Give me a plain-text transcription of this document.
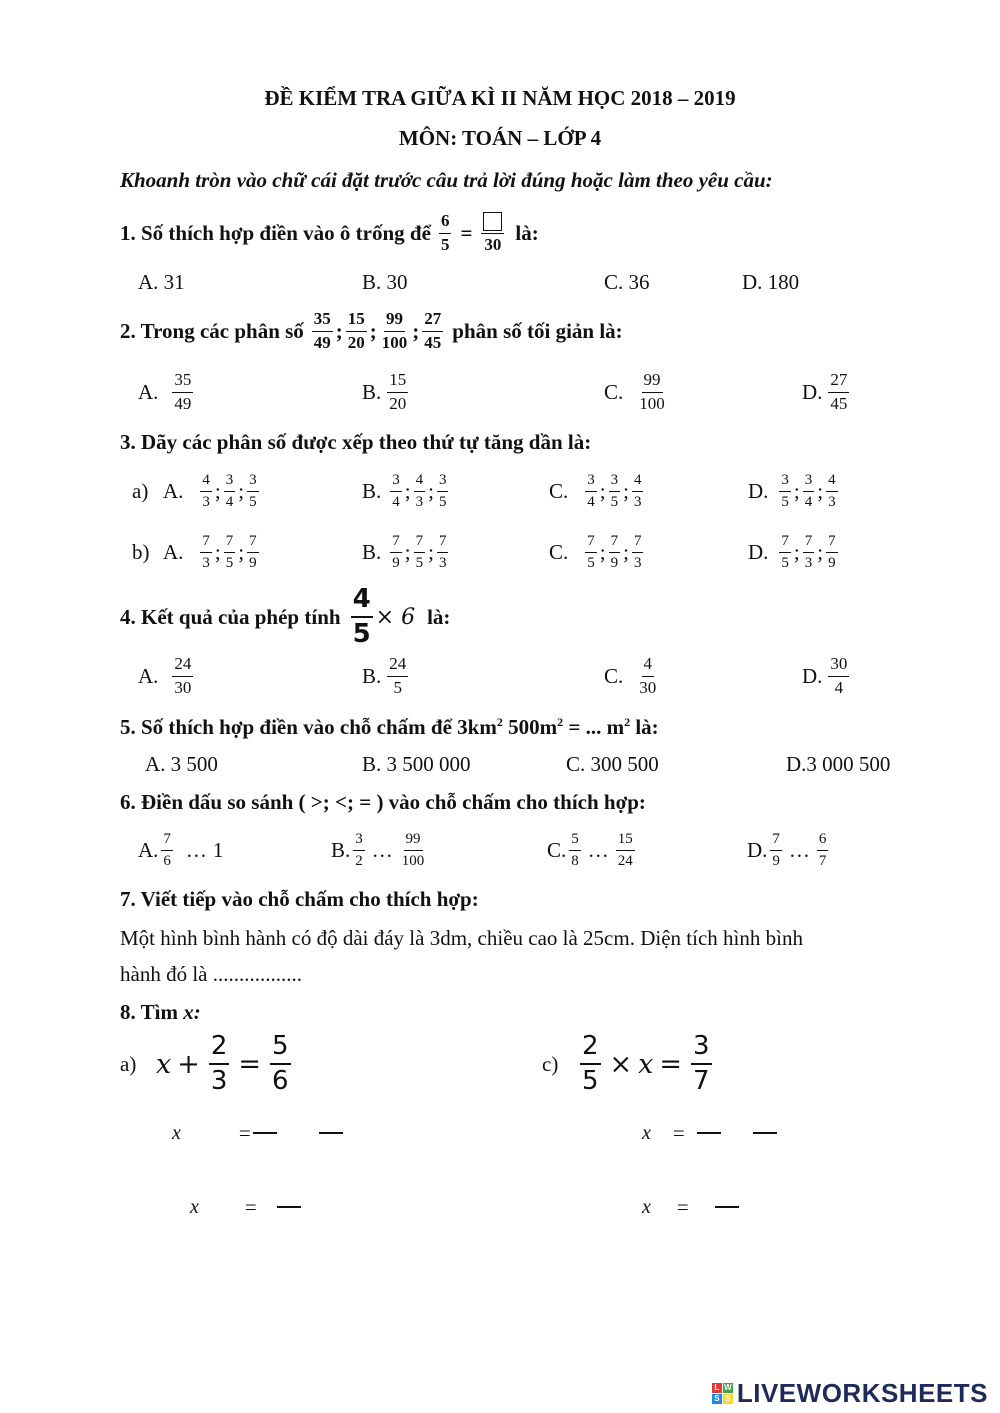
ĐỀ KIỂM TRA GIỮA KÌ II NĂM HỌC 2018 – 2019
MÔN: TOÁN – LỚP 4
Khoanh tròn vào chữ cái đặt trước câu trả lời đúng hoặc làm theo yêu cầu:
1. Số thích hợp điền vào ô trống để $\frac{6}{5} = 30$ là:
A. 31	B. 30	C. 36	D. 180
2. Trong các phân số $\frac{35}{49}$ ; $\frac{15}{20}$ ; $\frac{99}{100}$ ; $\frac{27}{45}$ phân số tối giản là:
A. $\frac{35}{49}$	B. $\frac{15}{20}$	C. $\frac{99}{100}$	D. $\frac{27}{45}$
3. Dãy các phân số được xếp theo thứ tự tăng dần là:
a) A. $\frac{4}{3}$ ; $\frac{3}{4}$ ; $\frac{3}{5}$	B. $\frac{3}{4}$ ; $\frac{4}{3}$ ; $\frac{3}{5}$	C. $\frac{3}{4}$ ; $\frac{3}{5}$ ; $\frac{4}{3}$	D. $\frac{3}{5}$ ; $\frac{3}{4}$ ; $\frac{4}{3}$
b) A. $\frac{7}{3}$ ; $\frac{7}{5}$ ; $\frac{7}{9}$	B. $\frac{7}{9}$ ; $\frac{7}{5}$ ; $\frac{7}{3}$	C. $\frac{7}{5}$ ; $\frac{7}{9}$ ; $\frac{7}{3}$	D. $\frac{7}{5}$ ; $\frac{7}{3}$ ; $\frac{7}{9}$
4. Kết quả của phép tính $\frac{4}{5} \times 6$ là:
A. $\frac{24}{30}$	B. $\frac{24}{5}$	C. $\frac{4}{30}$	D. $\frac{30}{4}$
5. Số thích hợp điền vào chỗ chấm để $3km^2$ $500m^2$ = ... $m^2$ là:
A. 3 500	B. 3 500 000	C. 300 500	D.3 000 500
6. Điền dấu so sánh ( >; <; = ) vào chỗ chấm cho thích hợp:
A. $\frac{7}{6}$ … 1	B. $\frac{3}{2}$ … $\frac{99}{100}$	C. $\frac{5}{8}$ … $\frac{15}{24}$	D. $\frac{7}{9}$ … $\frac{6}{7}$
7. Viết tiếp vào chỗ chấm cho thích hợp:
Một hình bình hành có độ dài đáy là 3dm, chiều cao là 25cm. Diện tích hình bình
hành đó là .................
8. Tìm x:
a) $x + \frac{2}{3} = \frac{5}{6}$	$c) \frac{2}{5} \times x = \frac{3}{7}$
x	=
x =
x =
x =
L W
S S LIVEWORKSHEETS
